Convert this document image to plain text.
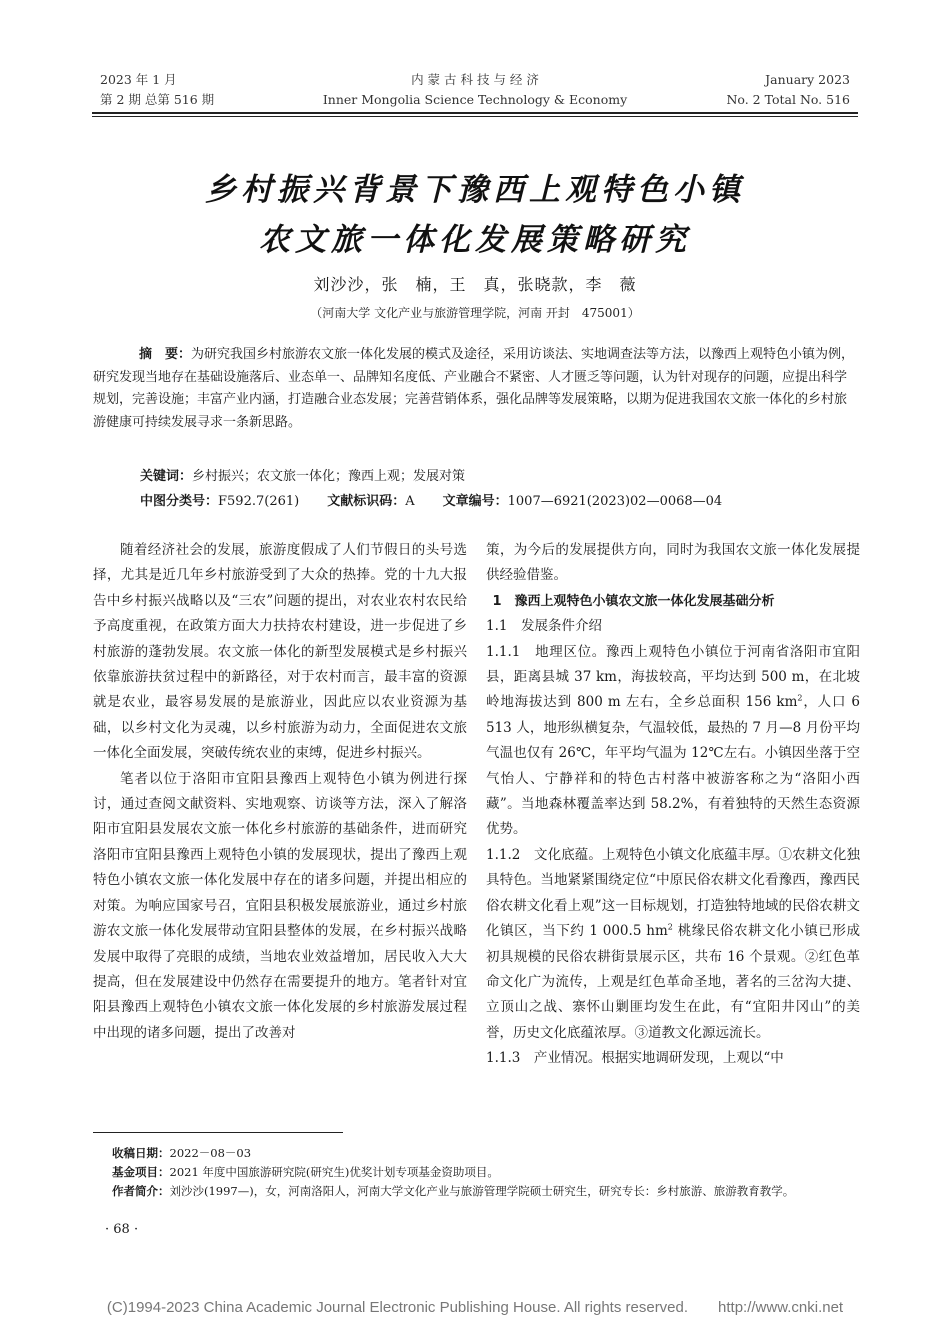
2023 年 1 月
第 2 期 总第 516 期
内 蒙 古 科 技 与 经 济
Inner Mongolia Science Technology & Economy
January 2023
No. 2 Total No. 516
乡村振兴背景下豫西上观特色小镇
农文旅一体化发展策略研究
刘沙沙，张　楠，王　真，张晓款，李　薇
（河南大学 文化产业与旅游管理学院，河南 开封　475001）
摘　要：为研究我国乡村旅游农文旅一体化发展的模式及途径，采用访谈法、实地调查法等方法，以豫西上观特色小镇为例，研究发现当地存在基础设施落后、业态单一、品牌知名度低、产业融合不紧密、人才匮乏等问题，认为针对现存的问题，应提出科学规划，完善设施；丰富产业内涵，打造融合业态发展；完善营销体系，强化品牌等发展策略，以期为促进我国农文旅一体化的乡村旅游健康可持续发展寻求一条新思路。
关键词：乡村振兴；农文旅一体化；豫西上观；发展对策
中图分类号：F592.7(261) 文献标识码：A 文章编号：1007—6921(2023)02—0068—04

随着经济社会的发展，旅游度假成了人们节假日的头号选择，尤其是近几年乡村旅游受到了大众的热捧。党的十九大报告中乡村振兴战略以及“三农”问题的提出，对农业农村农民给予高度重视，在政策方面大力扶持农村建设，进一步促进了乡村旅游的蓬勃发展。农文旅一体化的新型发展模式是乡村振兴依靠旅游扶贫过程中的新路径，对于农村而言，最丰富的资源就是农业，最容易发展的是旅游业，因此应以农业资源为基础，以乡村文化为灵魂，以乡村旅游为动力，全面促进农文旅一体化全面发展，突破传统农业的束缚，促进乡村振兴。

笔者以位于洛阳市宜阳县豫西上观特色小镇为例进行探讨，通过查阅文献资料、实地观察、访谈等方法，深入了解洛阳市宜阳县发展农文旅一体化乡村旅游的基础条件，进而研究洛阳市宜阳县豫西上观特色小镇的发展现状，提出了豫西上观特色小镇农文旅一体化发展中存在的诸多问题，并提出相应的对策。为响应国家号召，宜阳县积极发展旅游业，通过乡村旅游农文旅一体化发展带动宜阳县整体的发展，在乡村振兴战略发展中取得了亮眼的成绩，当地农业效益增加，居民收入大大提高，但在发展建设中仍然存在需要提升的地方。笔者针对宜阳县豫西上观特色小镇农文旅一体化发展的乡村旅游发展过程中出现的诸多问题，提出了改善对

策，为今后的发展提供方向，同时为我国农文旅一体化发展提供经验借鉴。

1　豫西上观特色小镇农文旅一体化发展基础分析

1.1　发展条件介绍

1.1.1　地理区位。豫西上观特色小镇位于河南省洛阳市宜阳县，距离县城 37 km，海拔较高，平均达到 500 m，在北坡岭地海拔达到 800 m 左右，全乡总面积 156 $km^2$，人口 6 513 人，地形纵横复杂，气温较低，最热的 7 月—8 月份平均气温也仅有 26℃，年平均气温为 12℃左右。小镇因坐落于空气怡人、宁静祥和的特色古村落中被游客称之为“洛阳小西藏”。当地森林覆盖率达到 58.2%，有着独特的天然生态资源优势。

1.1.2　文化底蕴。上观特色小镇文化底蕴丰厚。①农耕文化独具特色。当地紧紧围绕定位“中原民俗农耕文化看豫西，豫西民俗农耕文化看上观”这一目标规划，打造独特地域的民俗农耕文化镇区，当下约 1 000.5 $hm^2$ 桃缘民俗农耕文化小镇已形成初具规模的民俗农耕街景展示区，共布 16 个景观。②红色革命文化广为流传，上观是红色革命圣地，著名的三岔沟大捷、立顶山之战、寨怀山剿匪均发生在此，有“宜阳井冈山”的美誉，历史文化底蕴浓厚。③道教文化源远流长。

1.1.3　产业情况。根据实地调研发现，上观以“中

收稿日期：2022－08－03
基金项目：2021 年度中国旅游研究院(研究生)优奖计划专项基金资助项目。
作者简介：刘沙沙(1997—)，女，河南洛阳人，河南大学文化产业与旅游管理学院硕士研究生，研究专长：乡村旅游、旅游教育教学。
· 68 ·
(C)1994-2023 China Academic Journal Electronic Publishing House. All rights reserved.　　http://www.cnki.net
